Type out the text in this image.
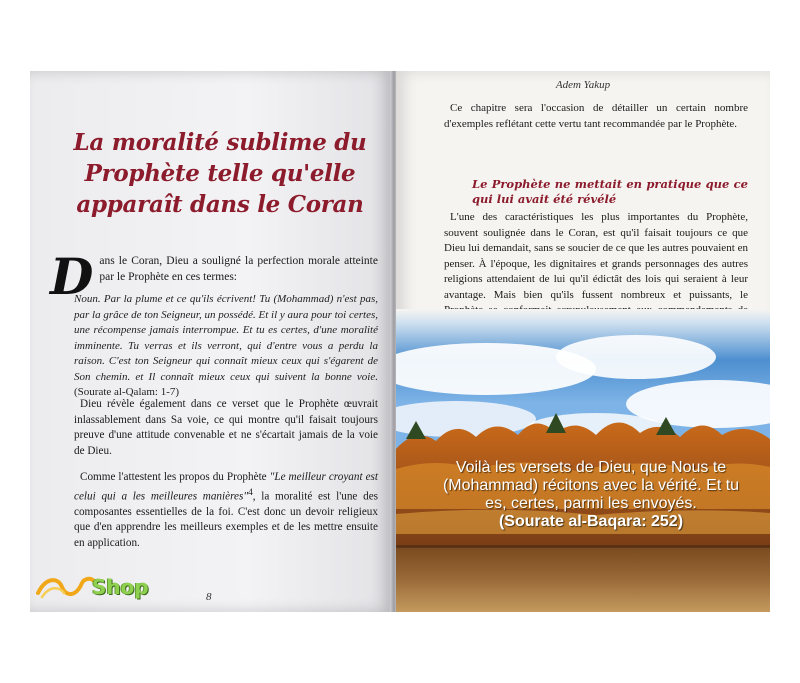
La moralité sublime du Prophète telle qu'elle apparaît dans le Coran

Dans le Coran, Dieu a souligné la perfection morale atteinte par le Prophète en ces termes:

Noun. Par la plume et ce qu'ils écrivent! Tu (Mohammad) n'est pas, par la grâce de ton Seigneur, un possédé. Et il y aura pour toi certes, une récompense jamais interrompue. Et tu es certes, d'une moralité imminente. Tu verras et ils verront, qui d'entre vous a perdu la raison. C'est ton Seigneur qui connaît mieux ceux qui s'égarent de Son chemin. et Il connaît mieux ceux qui suivent la bonne voie. (Sourate al-Qalam: 1-7)

Dieu révèle également dans ce verset que le Prophète œuvrait inlassablement dans Sa voie, ce qui montre qu'il faisait toujours preuve d'une attitude convenable et ne s'écartait jamais de la voie de Dieu.

Comme l'attestent les propos du Prophète "Le meilleur croyant est celui qui a les meilleures manières"$^4$, la moralité est l'une des composantes essentielles de la foi. C'est donc un devoir religieux que d'en apprendre les meilleurs exemples et de les mettre ensuite en application.

Shop	8

Adem Yakup

Ce chapitre sera l'occasion de détailler un certain nombre d'exemples reflétant cette vertu tant recommandée par le Prophète.

Le Prophète ne mettait en pratique que ce qui lui avait été révélé

L'une des caractéristiques les plus importantes du Prophète, souvent soulignée dans le Coran, est qu'il faisait toujours ce que Dieu lui demandait, sans se soucier de ce que les autres pouvaient en penser. À l'époque, les dignitaires et grands personnages des autres religions attendaient de lui qu'il édictât des lois qui seraient à leur avantage. Mais bien qu'ils fussent nombreux et puissants, le

Voilà les versets de Dieu, que Nous te (Mohammad) récitons avec la vérité. Et tu es, certes, parmi les envoyés.
(Sourate al-Baqara: 252)
